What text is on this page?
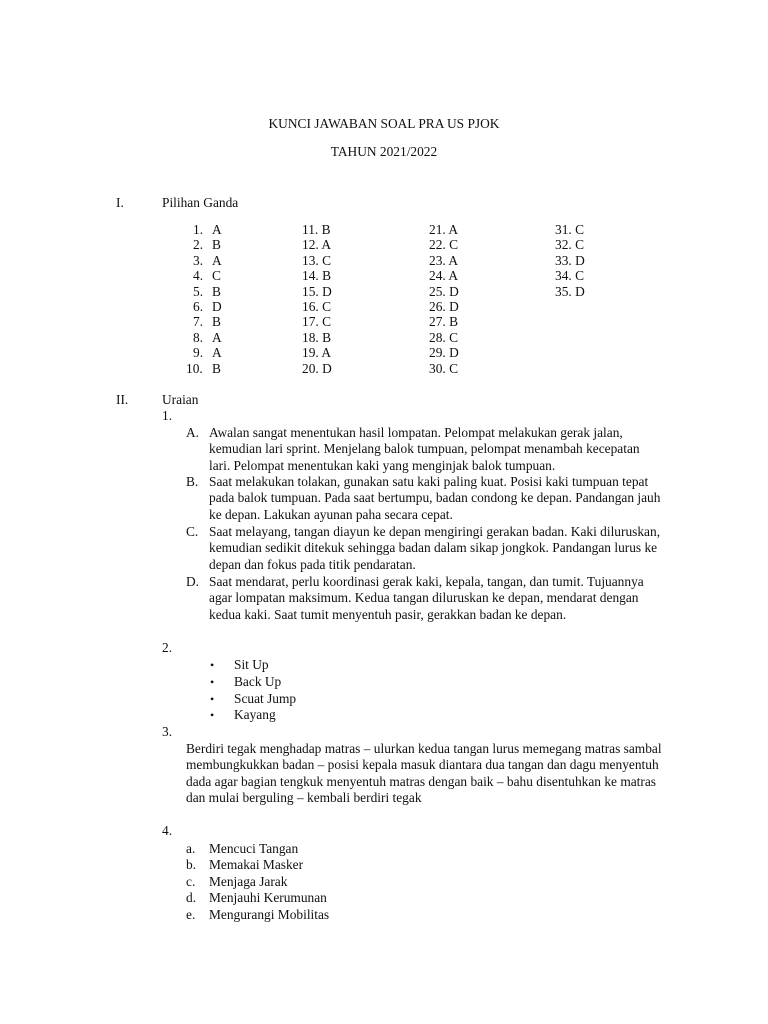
KUNCI JAWABAN SOAL PRA US PJOK
TAHUN 2021/2022
I.	Pilihan Ganda
1. A
2. B
3. A
4. C
5. B
6. D
7. B
8. A
9. A
10. B
11. B
12. A
13. C
14. B
15. D
16. C
17. C
18. B
19. A
20. D
21. A
22. C
23. A
24. A
25. D
26. D
27. B
28. C
29. D
30. C
31. C
32. C
33. D
34. C
35. D
II.	Uraian
1.
A. Awalan sangat menentukan hasil lompatan. Pelompat melakukan gerak jalan, kemudian lari sprint. Menjelang balok tumpuan, pelompat menambah kecepatan lari. Pelompat menentukan kaki yang menginjak balok tumpuan.
B. Saat melakukan tolakan, gunakan satu kaki paling kuat. Posisi kaki tumpuan tepat pada balok tumpuan. Pada saat bertumpu, badan condong ke depan. Pandangan jauh ke depan. Lakukan ayunan paha secara cepat.
C. Saat melayang, tangan diayun ke depan mengiringi gerakan badan. Kaki diluruskan, kemudian sedikit ditekuk sehingga badan dalam sikap jongkok. Pandangan lurus ke depan dan fokus pada titik pendaratan.
D. Saat mendarat, perlu koordinasi gerak kaki, kepala, tangan, dan tumit. Tujuannya agar lompatan maksimum. Kedua tangan diluruskan ke depan, mendarat dengan kedua kaki. Saat tumit menyentuh pasir, gerakkan badan ke depan.
2.
• Sit Up
• Back Up
• Scuat Jump
• Kayang
3.
Berdiri tegak menghadap matras – ulurkan kedua tangan lurus memegang matras sambal membungkukkan badan – posisi kepala masuk diantara dua tangan dan dagu menyentuh dada agar bagian tengkuk menyentuh matras dengan baik – bahu disentuhkan ke matras dan mulai berguling – kembali berdiri tegak
4.
a. Mencuci Tangan
b. Memakai Masker
c. Menjaga Jarak
d. Menjauhi Kerumunan
e. Mengurangi Mobilitas
